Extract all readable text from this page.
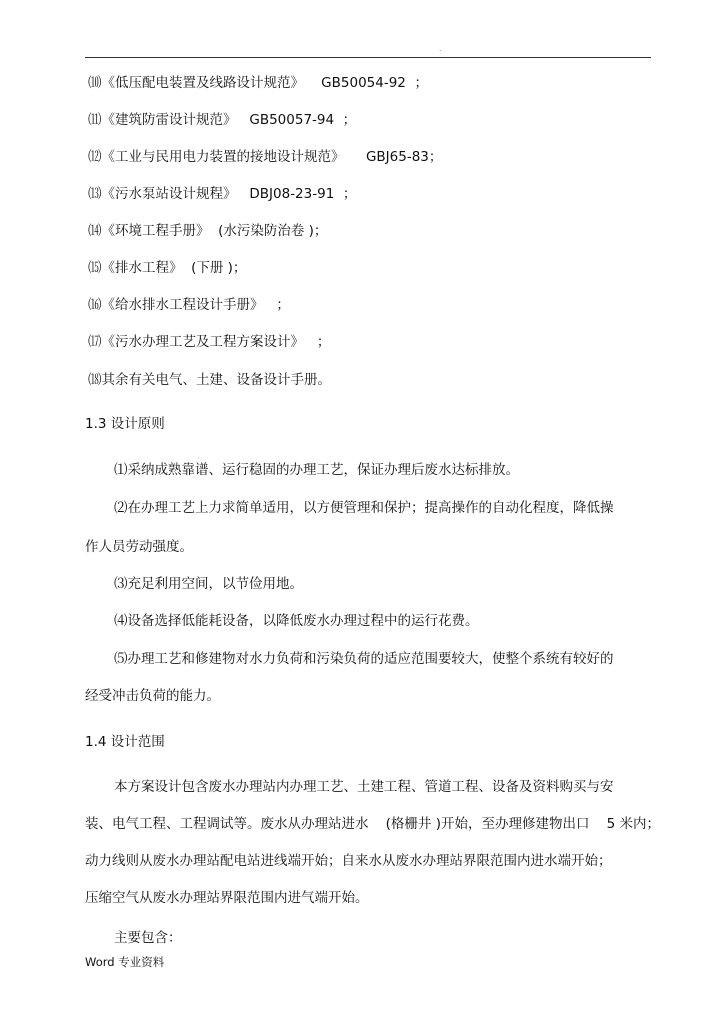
.
⑽《低压配电装置及线路设计规范》    GB50054-92  ；
⑾《建筑防雷设计规范》   GB50057-94  ；
⑿《工业与民用电力装置的接地设计规范》     GBJ65-83；
⒀《污水泵站设计规程》   DBJ08-23-91  ；
⒁《环境工程手册》  (水污染防治卷 )；
⒂《排水工程》  (下册 )；
⒃《给水排水工程设计手册》   ；
⒄《污水办理工艺及工程方案设计》   ；
⒅其余有关电气、土建、设备设计手册。
1.3 设计原则
⑴采纳成熟靠谱、运行稳固的办理工艺，保证办理后废水达标排放。
⑵在办理工艺上力求简单适用，以方便管理和保护；提高操作的自动化程度，降低操
作人员劳动强度。
⑶充足利用空间，以节俭用地。
⑷设备选择低能耗设备，以降低废水办理过程中的运行花费。
⑸办理工艺和修建物对水力负荷和污染负荷的适应范围要较大，使整个系统有较好的
经受冲击负荷的能力。
1.4 设计范围
本方案设计包含废水办理站内办理工艺、土建工程、管道工程、设备及资料购买与安
装、电气工程、工程调试等。废水从办理站进水    (格栅井 )开始，至办理修建物出口    5 米内；
动力线则从废水办理站配电站进线端开始；自来水从废水办理站界限范围内进水端开始；
压缩空气从废水办理站界限范围内进气端开始。
主要包含：
Word 专业资料
